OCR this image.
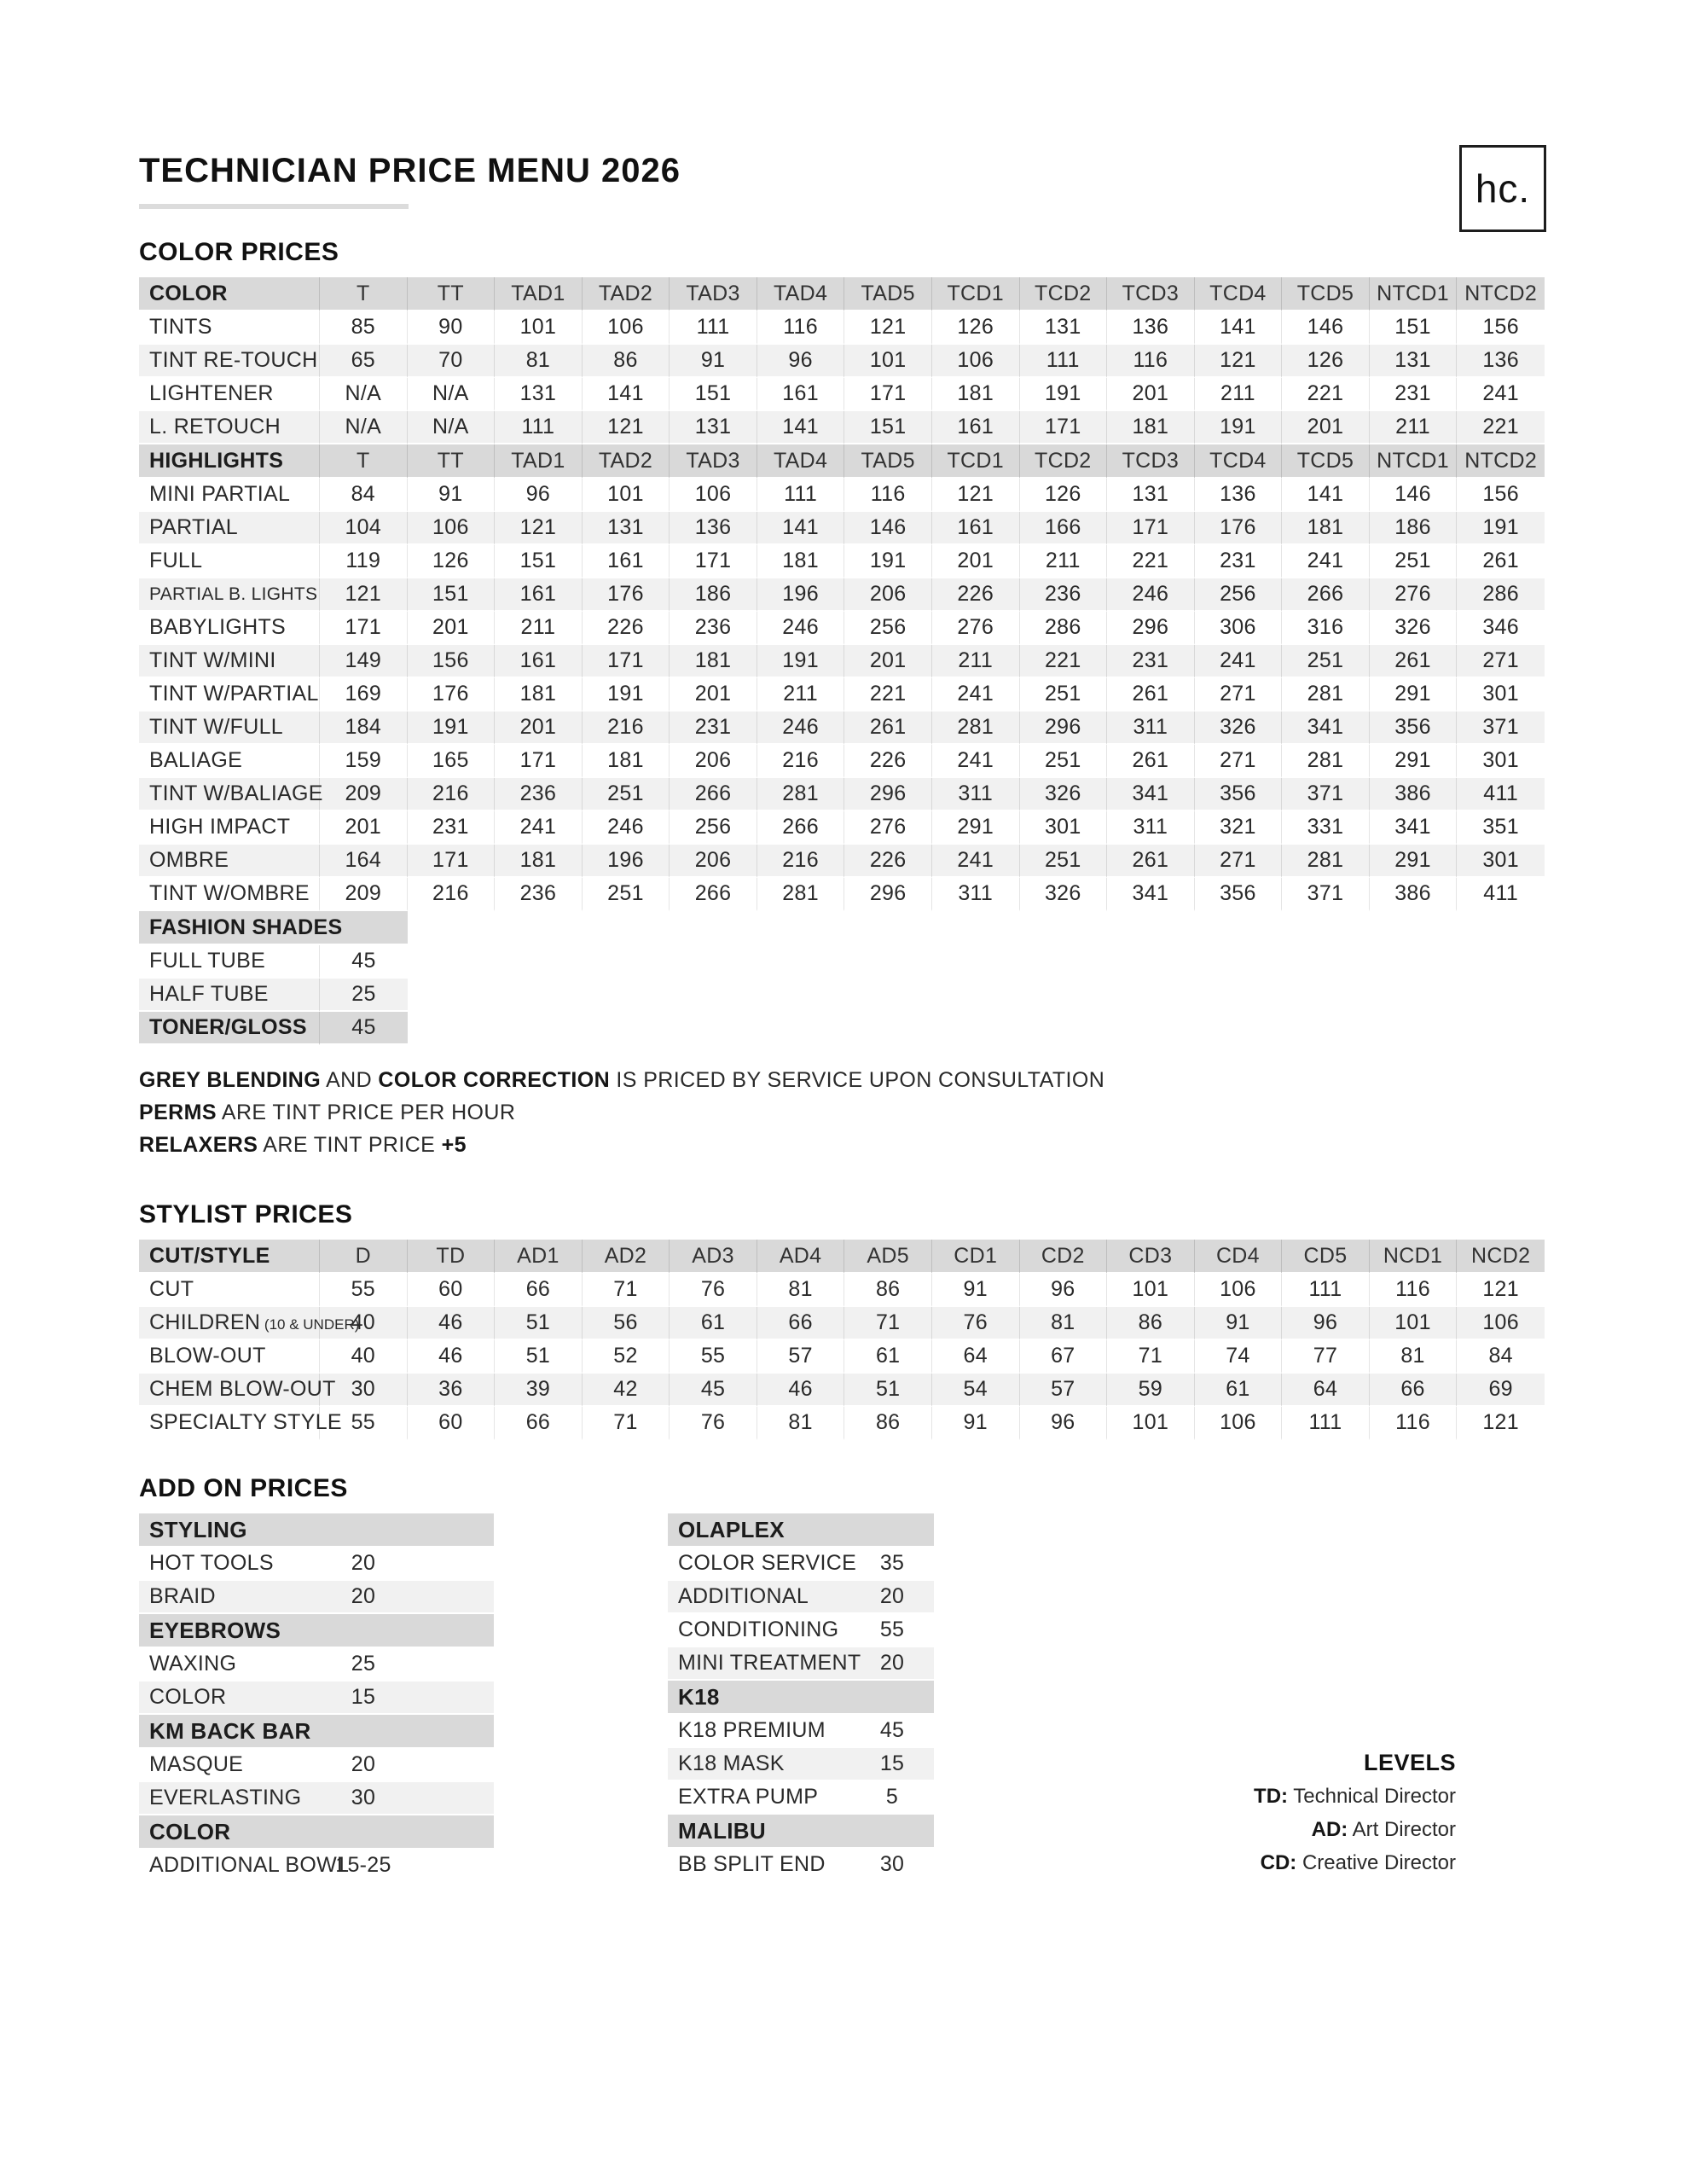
hc.
TECHNICIAN PRICE MENU 2026
COLOR PRICES
COLOR	T	TT	TAD1	TAD2	TAD3	TAD4	TAD5	TCD1	TCD2	TCD3	TCD4	TCD5	NTCD1	NTCD2
TINTS	85	90	101	106	111	116	121	126	131	136	141	146	151	156
TINT RE-TOUCH	65	70	81	86	91	96	101	106	111	116	121	126	131	136
LIGHTENER	N/A	N/A	131	141	151	161	171	181	191	201	211	221	231	241
L. RETOUCH	N/A	N/A	111	121	131	141	151	161	171	181	191	201	211	221
HIGHLIGHTS	T	TT	TAD1	TAD2	TAD3	TAD4	TAD5	TCD1	TCD2	TCD3	TCD4	TCD5	NTCD1	NTCD2
MINI PARTIAL	84	91	96	101	106	111	116	121	126	131	136	141	146	156
PARTIAL	104	106	121	131	136	141	146	161	166	171	176	181	186	191
FULL	119	126	151	161	171	181	191	201	211	221	231	241	251	261
PARTIAL B. LIGHTS	121	151	161	176	186	196	206	226	236	246	256	266	276	286
BABYLIGHTS	171	201	211	226	236	246	256	276	286	296	306	316	326	346
TINT W/MINI	149	156	161	171	181	191	201	211	221	231	241	251	261	271
TINT W/PARTIAL	169	176	181	191	201	211	221	241	251	261	271	281	291	301
TINT W/FULL	184	191	201	216	231	246	261	281	296	311	326	341	356	371
BALIAGE	159	165	171	181	206	216	226	241	251	261	271	281	291	301
TINT W/BALIAGE	209	216	236	251	266	281	296	311	326	341	356	371	386	411
HIGH IMPACT	201	231	241	246	256	266	276	291	301	311	321	331	341	351
OMBRE	164	171	181	196	206	216	226	241	251	261	271	281	291	301
TINT W/OMBRE	209	216	236	251	266	281	296	311	326	341	356	371	386	411
FASHION SHADES	
FULL TUBE	45
HALF TUBE	25
TONER/GLOSS	45
GREY BLENDING AND COLOR CORRECTION IS PRICED BY SERVICE UPON CONSULTATION
PERMS ARE TINT PRICE PER HOUR
RELAXERS ARE TINT PRICE +5
STYLIST PRICES
CUT/STYLE	D	TD	AD1	AD2	AD3	AD4	AD5	CD1	CD2	CD3	CD4	CD5	NCD1	NCD2
CUT	55	60	66	71	76	81	86	91	96	101	106	111	116	121
CHILDREN (10 & UNDER)	40	46	51	56	61	66	71	76	81	86	91	96	101	106
BLOW-OUT	40	46	51	52	55	57	61	64	67	71	74	77	81	84
CHEM BLOW-OUT	30	36	39	42	45	46	51	54	57	59	61	64	66	69
SPECIALTY STYLE	55	60	66	71	76	81	86	91	96	101	106	111	116	121
ADD ON PRICES
STYLING		
HOT TOOLS	20	
BRAID	20	
EYEBROWS		
WAXING	25	
COLOR	15	
KM BACK BAR		
MASQUE	20	
EVERLASTING	30	
COLOR		
ADDITIONAL BOWL	15-25	
OLAPLEX	
COLOR SERVICE	35
ADDITIONAL	20
CONDITIONING	55
MINI TREATMENT	20
K18	
K18 PREMIUM	45
K18 MASK	15
EXTRA PUMP	5
MALIBU	
BB SPLIT END	30
LEVELS
TD: Technical Director
AD: Art Director
CD: Creative Director
